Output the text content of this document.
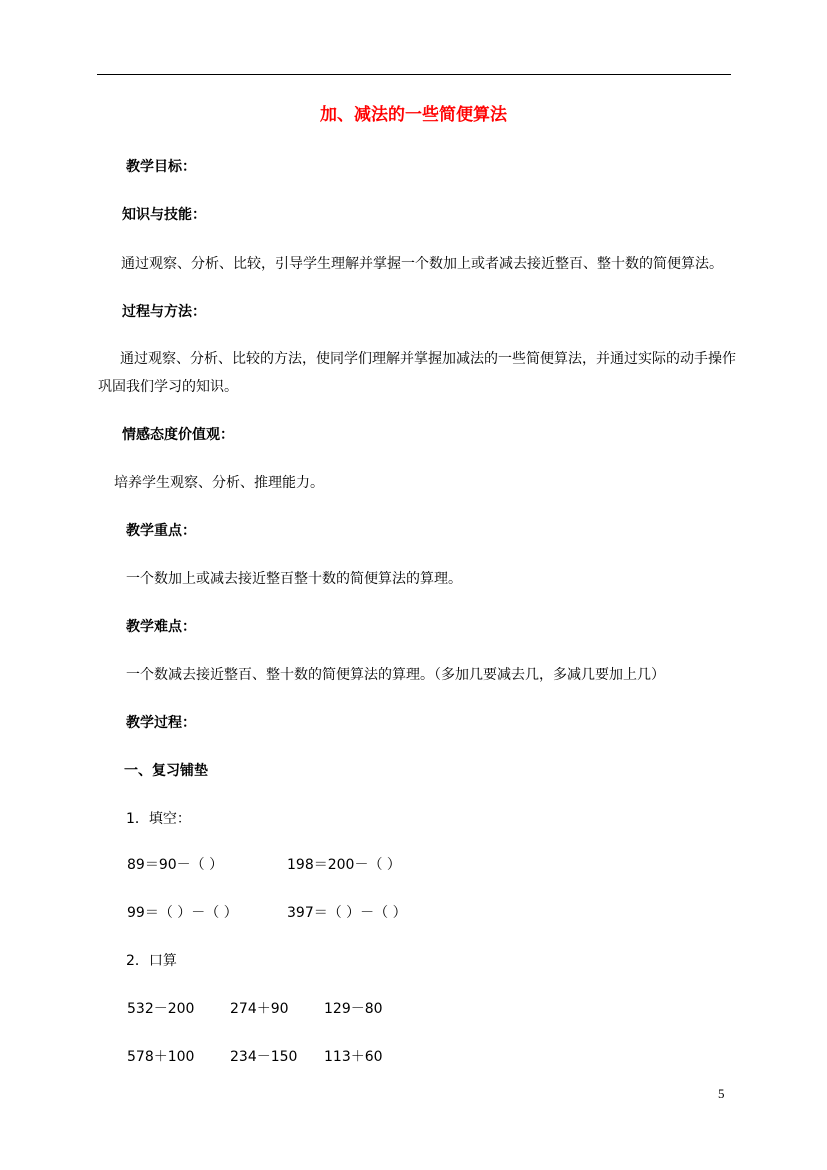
加、减法的一些简便算法
教学目标：
知识与技能：
通过观察、分析、比较，引导学生理解并掌握一个数加上或者减去接近整百、整十数的简便算法。
过程与方法：
通过观察、分析、比较的方法，使同学们理解并掌握加减法的一些简便算法，并通过实际的动手操作巩固我们学习的知识。
情感态度价值观：
培养学生观察、分析、推理能力。
教学重点：
一个数加上或减去接近整百整十数的简便算法的算理。
教学难点：
一个数减去接近整百、整十数的简便算法的算理。（多加几要减去几，多减几要加上几）
教学过程：
一、复习铺垫
1．填空：
89＝90－（ ）	198＝200－（ ）
99＝（ ）－（ ）	397＝（ ）－（ ）
2．口算
532－200	274＋90	129－80
578＋100	234－150 113＋60
5
